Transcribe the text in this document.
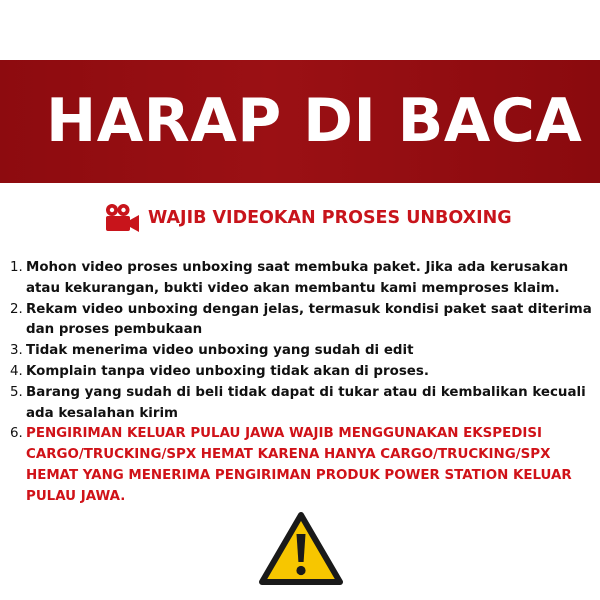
HARAP DI BACA
WAJIB VIDEOKAN PROSES UNBOXING
1. Mohon video proses unboxing saat membuka paket. Jika ada kerusakan atau kekurangan, bukti video akan membantu kami memproses klaim.
2. Rekam video unboxing dengan jelas, termasuk kondisi paket saat diterima dan proses pembukaan
3. Tidak menerima video unboxing yang sudah di edit
4. Komplain tanpa video unboxing tidak akan di proses.
5. Barang yang sudah di beli tidak dapat di tukar atau di kembalikan kecuali ada kesalahan kirim
6. PENGIRIMAN KELUAR PULAU JAWA WAJIB MENGGUNAKAN EKSPEDISI CARGO/TRUCKING/SPX HEMAT KARENA HANYA CARGO/TRUCKING/SPX HEMAT YANG MENERIMA PENGIRIMAN PRODUK POWER STATION KELUAR PULAU JAWA.
